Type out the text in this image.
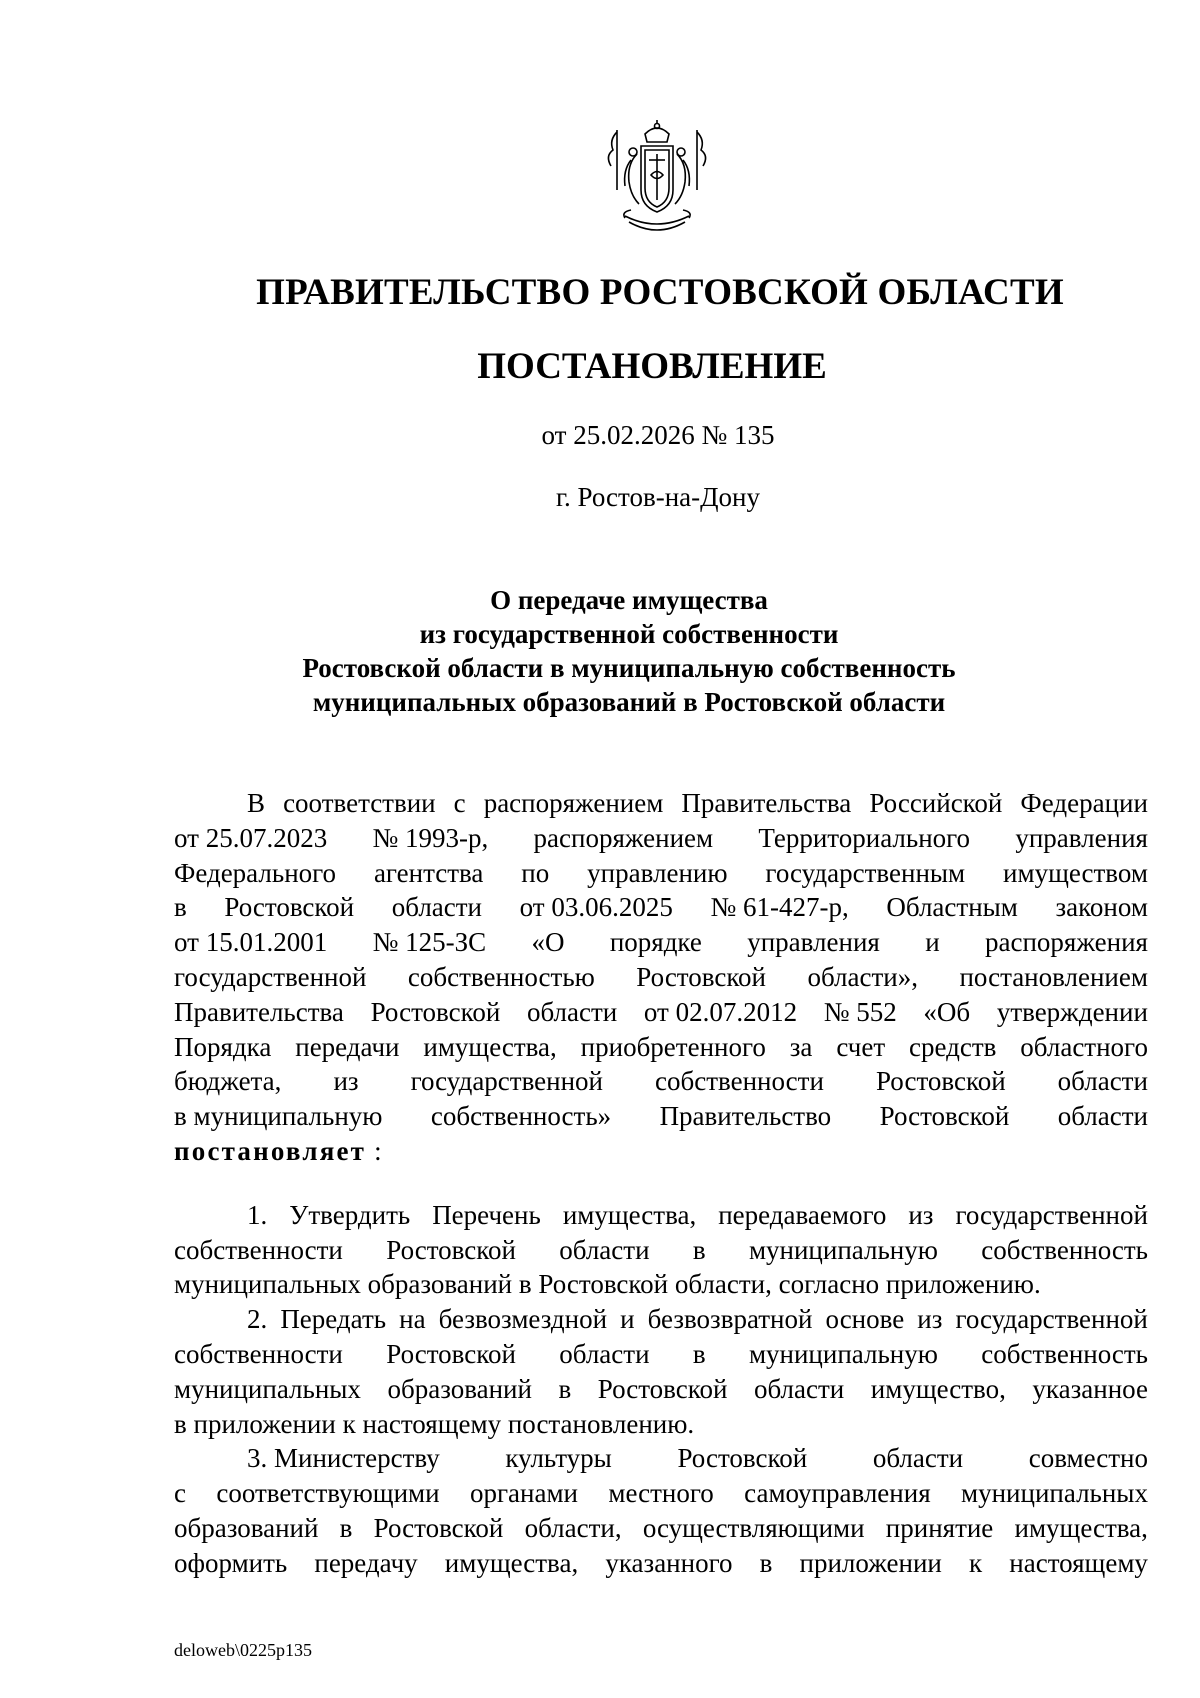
ПРАВИТЕЛЬСТВО РОСТОВСКОЙ ОБЛАСТИ
ПОСТАНОВЛЕНИЕ
от 25.02.2026 № 135
г. Ростов-на-Дону
О передаче имущества
из государственной собственности
Ростовской области в муниципальную собственность
муниципальных образований в Ростовской области
В соответствии с распоряжением Правительства Российской Федерации
от 25.07.2023 № 1993-р, распоряжением Территориального управления
Федерального агентства по управлению государственным имуществом
в Ростовской области от 03.06.2025 № 61-427-р, Областным законом
от 15.01.2001 № 125-ЗС «О порядке управления и распоряжения
государственной собственностью Ростовской области», постановлением
Правительства Ростовской области от 02.07.2012 № 552 «Об утверждении
Порядка передачи имущества, приобретенного за счет средств областного
бюджета, из государственной собственности Ростовской области
в муниципальную собственность» Правительство Ростовской области
постановляет :
1. Утвердить Перечень имущества, передаваемого из государственной
собственности Ростовской области в муниципальную собственность
муниципальных образований в Ростовской области, согласно приложению.
2. Передать на безвозмездной и безвозвратной основе из государственной
собственности Ростовской области в муниципальную собственность
муниципальных образований в Ростовской области имущество, указанное
в приложении к настоящему постановлению.
3. Министерству культуры Ростовской области совместно
с соответствующими органами местного самоуправления муниципальных
образований в Ростовской области, осуществляющими принятие имущества,
оформить передачу имущества, указанного в приложении к настоящему
deloweb\0225p135
